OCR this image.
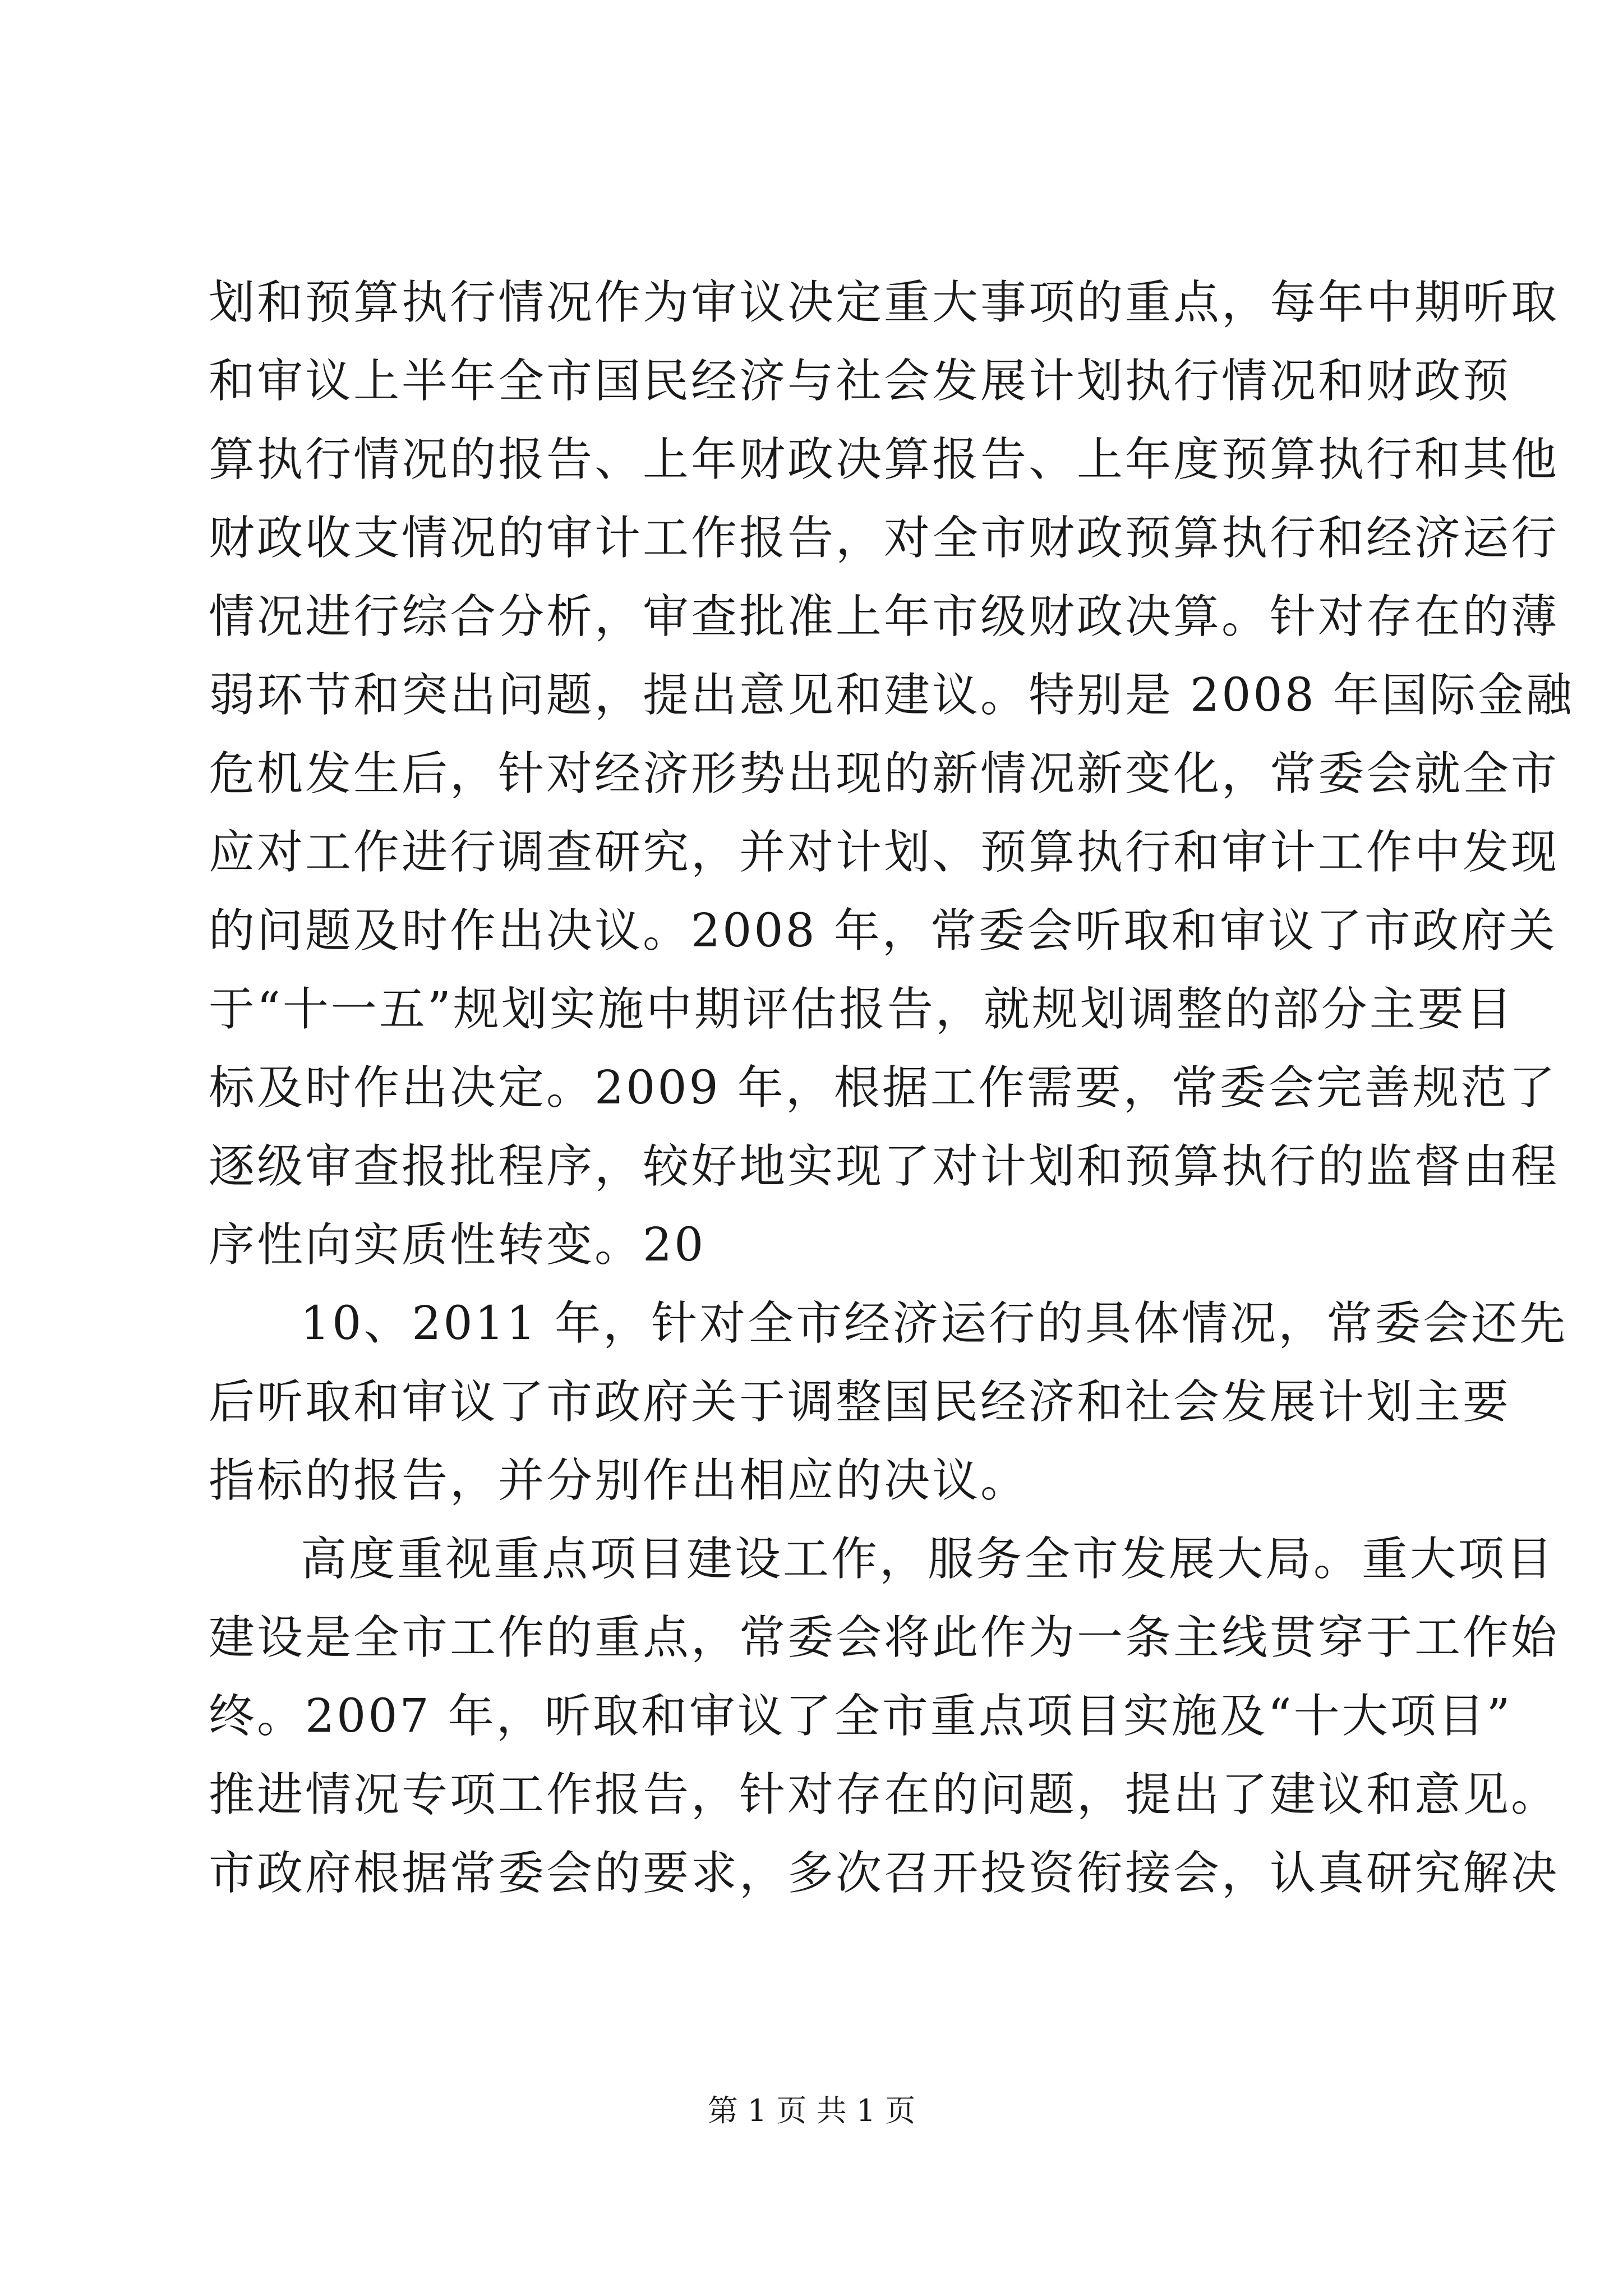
划和预算执行情况作为审议决定重大事项的重点，每年中期听取
和审议上半年全市国民经济与社会发展计划执行情况和财政预
算执行情况的报告、上年财政决算报告、上年度预算执行和其他
财政收支情况的审计工作报告，对全市财政预算执行和经济运行
情况进行综合分析，审查批准上年市级财政决算。针对存在的薄
弱环节和突出问题，提出意见和建议。特别是 2008 年国际金融
危机发生后，针对经济形势出现的新情况新变化，常委会就全市
应对工作进行调查研究，并对计划、预算执行和审计工作中发现
的问题及时作出决议。2008 年，常委会听取和审议了市政府关
于“十一五”规划实施中期评估报告，就规划调整的部分主要目
标及时作出决定。2009 年，根据工作需要，常委会完善规范了
逐级审查报批程序，较好地实现了对计划和预算执行的监督由程
序性向实质性转变。20
10、2011 年，针对全市经济运行的具体情况，常委会还先
后听取和审议了市政府关于调整国民经济和社会发展计划主要
指标的报告，并分别作出相应的决议。
高度重视重点项目建设工作，服务全市发展大局。重大项目
建设是全市工作的重点，常委会将此作为一条主线贯穿于工作始
终。2007 年，听取和审议了全市重点项目实施及“十大项目”
推进情况专项工作报告，针对存在的问题，提出了建议和意见。
市政府根据常委会的要求，多次召开投资衔接会，认真研究解决
第 1 页 共 1 页
